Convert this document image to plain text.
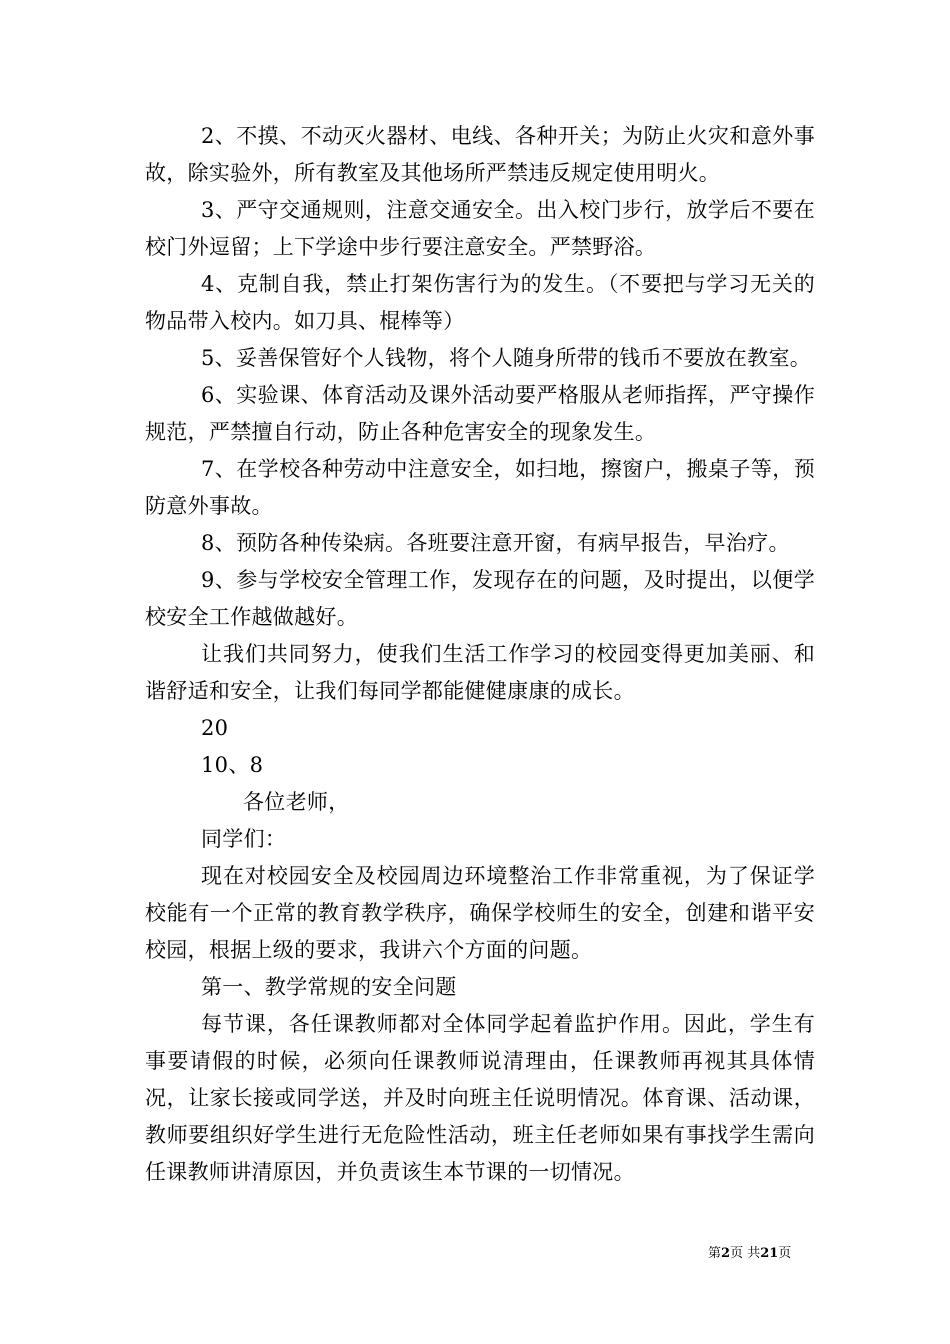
2、不摸、不动灭火器材、电线、各种开关；为防止火灾和意外事故，除实验外，所有教室及其他场所严禁违反规定使用明火。

3、严守交通规则，注意交通安全。出入校门步行，放学后不要在校门外逗留；上下学途中步行要注意安全。严禁野浴。

4、克制自我，禁止打架伤害行为的发生。（不要把与学习无关的物品带入校内。如刀具、棍棒等）

5、妥善保管好个人钱物，将个人随身所带的钱币不要放在教室。

6、实验课、体育活动及课外活动要严格服从老师指挥，严守操作规范，严禁擅自行动，防止各种危害安全的现象发生。

7、在学校各种劳动中注意安全，如扫地，擦窗户，搬桌子等，预防意外事故。

8、预防各种传染病。各班要注意开窗，有病早报告，早治疗。

9、参与学校安全管理工作，发现存在的问题，及时提出，以便学校安全工作越做越好。

让我们共同努力，使我们生活工作学习的校园变得更加美丽、和谐舒适和安全，让我们每同学都能健健康康的成长。

20

10、8

各位老师，

同学们：

现在对校园安全及校园周边环境整治工作非常重视，为了保证学校能有一个正常的教育教学秩序，确保学校师生的安全，创建和谐平安校园，根据上级的要求，我讲六个方面的问题。

第一、教学常规的安全问题

每节课，各任课教师都对全体同学起着监护作用。因此，学生有事要请假的时候，必须向任课教师说清理由，任课教师再视其具体情况，让家长接或同学送，并及时向班主任说明情况。体育课、活动课，教师要组织好学生进行无危险性活动，班主任老师如果有事找学生需向任课教师讲清原因，并负责该生本节课的一切情况。

第2页 共21页
